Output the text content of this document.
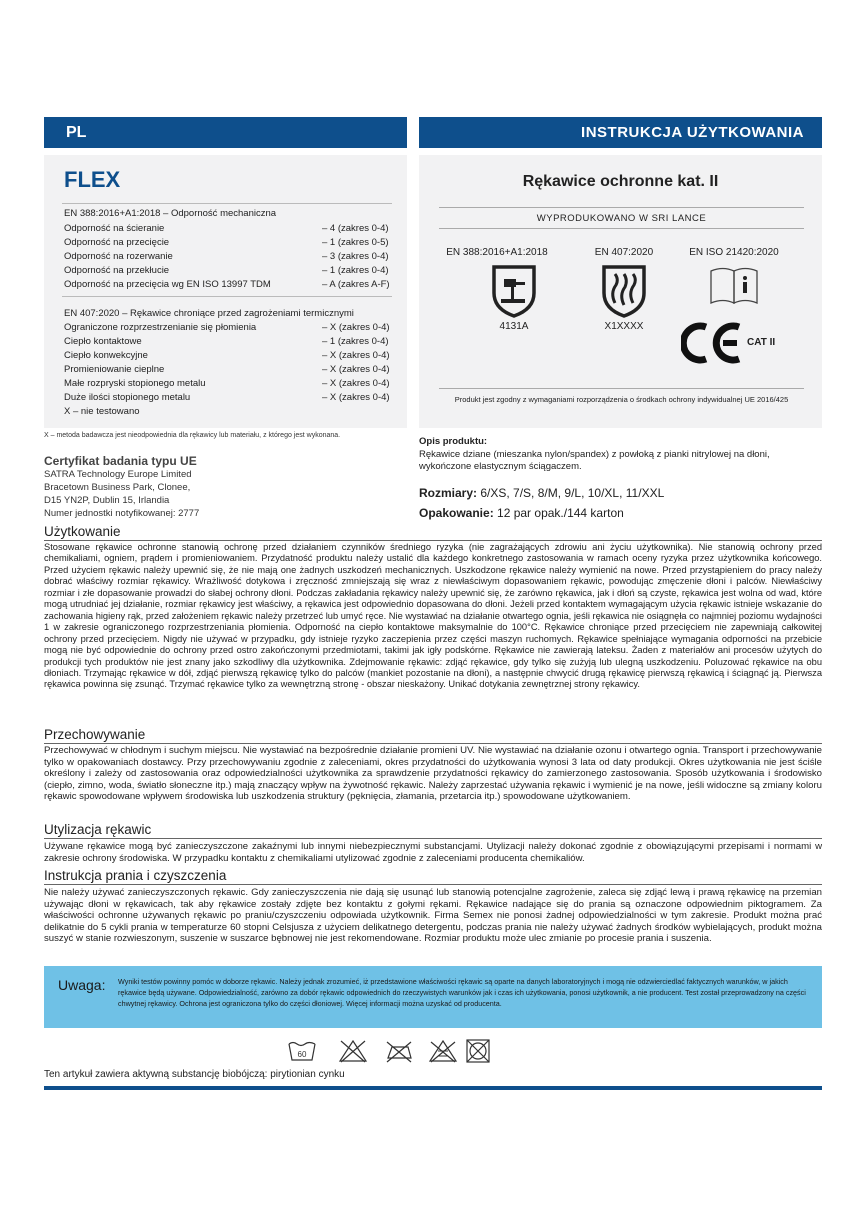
PL	INSTRUKCJA UŻYTKOWANIA
FLEX
EN 388:2016+A1:2018 – Odporność mechaniczna
Odporność na ścieranie	– 4 (zakres 0-4)
Odporność na przecięcie	– 1 (zakres 0-5)
Odporność na rozerwanie	– 3 (zakres 0-4)
Odporność na przekłucie	– 1 (zakres 0-4)
Odporność na przecięcia wg EN ISO 13997 TDM	– A (zakres A-F)
EN 407:2020 – Rękawice chroniące przed zagrożeniami termicznymi
Ograniczone rozprzestrzenianie się płomienia	– X (zakres 0-4)
Ciepło kontaktowe	– 1 (zakres 0-4)
Ciepło konwekcyjne	– X (zakres 0-4)
Promieniowanie cieplne	– X (zakres 0-4)
Małe rozpryski stopionego metalu	– X (zakres 0-4)
Duże ilości stopionego metalu	– X (zakres 0-4)
X – nie testowano
Rękawice ochronne kat. II
WYPRODUKOWANO W SRI LANCE
EN 388:2016+A1:2018	EN 407:2020	EN ISO 21420:2020
4131A	X1XXXX
CAT II
Produkt jest zgodny z wymaganiami rozporządzenia o środkach ochrony indywidualnej UE 2016/425
X – metoda badawcza jest nieodpowiednia dla rękawicy lub materiału, z którego jest wykonana.
Certyfikat badania typu UE
SATRA Technology Europe Limited
Bracetown Business Park, Clonee,
D15 YN2P, Dublin 15, Irlandia
Numer jednostki notyfikowanej: 2777
Opis produktu:
Rękawice dziane (mieszanka nylon/spandex) z powłoką z pianki nitrylowej na dłoni, wykończone elastycznym ściągaczem.
Rozmiary: 6/XS, 7/S, 8/M, 9/L, 10/XL, 11/XXL
Opakowanie: 12 par opak./144 karton
Użytkowanie
Stosowane rękawice ochronne stanowią ochronę przed działaniem czynników średniego ryzyka (nie zagrażających zdrowiu ani życiu użytkownika). Nie stanowią ochrony przed chemikaliami, ogniem, prądem i promieniowaniem. Przydatność produktu należy ustalić dla każdego konkretnego zastosowania w ramach oceny ryzyka przez użytkownika końcowego. Przed użyciem rękawic należy upewnić się, że nie mają one żadnych uszkodzeń mechanicznych. Uszkodzone rękawice należy wymienić na nowe. Przed przystąpieniem do pracy należy dobrać właściwy rozmiar rękawicy. Wrażliwość dotykowa i zręczność zmniejszają się wraz z niewłaściwym dopasowaniem rękawic, powodując zmęczenie dłoni i palców. Niewłaściwy rozmiar i złe dopasowanie prowadzi do słabej ochrony dłoni. Podczas zakładania rękawicy należy upewnić się, że zarówno rękawica, jak i dłoń są czyste, rękawica jest wolna od wad, które mogą utrudniać jej działanie, rozmiar rękawicy jest właściwy, a rękawica jest odpowiednio dopasowana do dłoni. Jeżeli przed kontaktem wymagającym użycia rękawic istnieje wskazanie do zachowania higieny rąk, przed założeniem rękawic należy przetrzeć lub umyć ręce. Nie wystawiać na działanie otwartego ognia, jeśli rękawica nie osiągnęła co najmniej poziomu wydajności 1 w zakresie ograniczonego rozprzestrzeniania płomienia. Odporność na ciepło kontaktowe maksymalnie do 100°C. Rękawice chroniące przed przecięciem nie zapewniają całkowitej ochrony przed przecięciem. Nigdy nie używać w przypadku, gdy istnieje ryzyko zaczepienia przez części maszyn ruchomych. Rękawice spełniające wymagania odporności na przebicie mogą nie być odpowiednie do ochrony przed ostro zakończonymi przedmiotami, takimi jak igły podskórne. Rękawice nie zawierają lateksu. Żaden z materiałów ani procesów użytych do produkcji tych produktów nie jest znany jako szkodliwy dla użytkownika. Zdejmowanie rękawic: zdjąć rękawice, gdy tylko się zużyją lub ulegną uszkodzeniu. Poluzować rękawice na obu dłoniach. Trzymając rękawice w dół, zdjąć pierwszą rękawicę tylko do palców (mankiet pozostanie na dłoni), a następnie chwycić drugą rękawicę pierwszą rękawicą i ściągnąć ją. Pierwsza rękawica powinna się zsunąć. Trzymać rękawice tylko za wewnętrzną stronę - obszar nieskażony. Unikać dotykania zewnętrznej strony rękawicy.
Przechowywanie
Przechowywać w chłodnym i suchym miejscu. Nie wystawiać na bezpośrednie działanie promieni UV. Nie wystawiać na działanie ozonu i otwartego ognia. Transport i przechowywanie tylko w opakowaniach dostawcy. Przy przechowywaniu zgodnie z zaleceniami, okres przydatności do użytkowania wynosi 3 lata od daty produkcji. Okres użytkowania nie jest ściśle określony i zależy od zastosowania oraz odpowiedzialności użytkownika za sprawdzenie przydatności rękawicy do zamierzonego zastosowania. Sposób użytkowania i środowisko (ciepło, zimno, woda, światło słoneczne itp.) mają znaczący wpływ na żywotność rękawic. Należy zaprzestać używania rękawic i wymienić je na nowe, jeśli widoczne są zmiany koloru rękawic spowodowane wpływem środowiska lub uszkodzenia struktury (pęknięcia, złamania, przetarcia itp.) spowodowane użytkowaniem.
Utylizacja rękawic
Używane rękawice mogą być zanieczyszczone zakaźnymi lub innymi niebezpiecznymi substancjami. Utylizacji należy dokonać zgodnie z obowiązującymi przepisami i normami w zakresie ochrony środowiska. W przypadku kontaktu z chemikaliami utylizować zgodnie z zaleceniami producenta chemikaliów.
Instrukcja prania i czyszczenia
Nie należy używać zanieczyszczonych rękawic. Gdy zanieczyszczenia nie dają się usunąć lub stanowią potencjalne zagrożenie, zaleca się zdjąć lewą i prawą rękawicę na przemian używając dłoni w rękawicach, tak aby rękawice zostały zdjęte bez kontaktu z gołymi rękami. Rękawice nadające się do prania są oznaczone odpowiednim piktogramem. Za właściwości ochronne używanych rękawic po praniu/czyszczeniu odpowiada użytkownik. Firma Semex nie ponosi żadnej odpowiedzialności w tym zakresie. Produkt można prać delikatnie do 5 cykli prania w temperaturze 60 stopni Celsjusza z użyciem delikatnego detergentu, podczas prania nie należy używać żadnych środków wybielających, produkt można suszyć w stanie rozwieszonym, suszenie w suszarce bębnowej nie jest rekomendowane. Rozmiar produktu może ulec zmianie po procesie prania i suszenia.
Uwaga: Wyniki testów powinny pomóc w doborze rękawic. Należy jednak zrozumieć, iż przedstawione właściwości rękawic są oparte na danych laboratoryjnych i mogą nie odzwierciedlać faktycznych warunków, w jakich rękawice będą używane. Odpowiedzialność, zarówno za dobór rękawic odpowiednich do rzeczywistych warunków jak i czas ich użytkowania, ponosi użytkownik, a nie producent. Test został przeprowadzony na części chwytnej rękawicy. Ochrona jest ograniczona tylko do części dłoniowej. Więcej informacji można uzyskać od producenta.
60
Ten artykuł zawiera aktywną substancję biobójczą: pirytionian cynku
